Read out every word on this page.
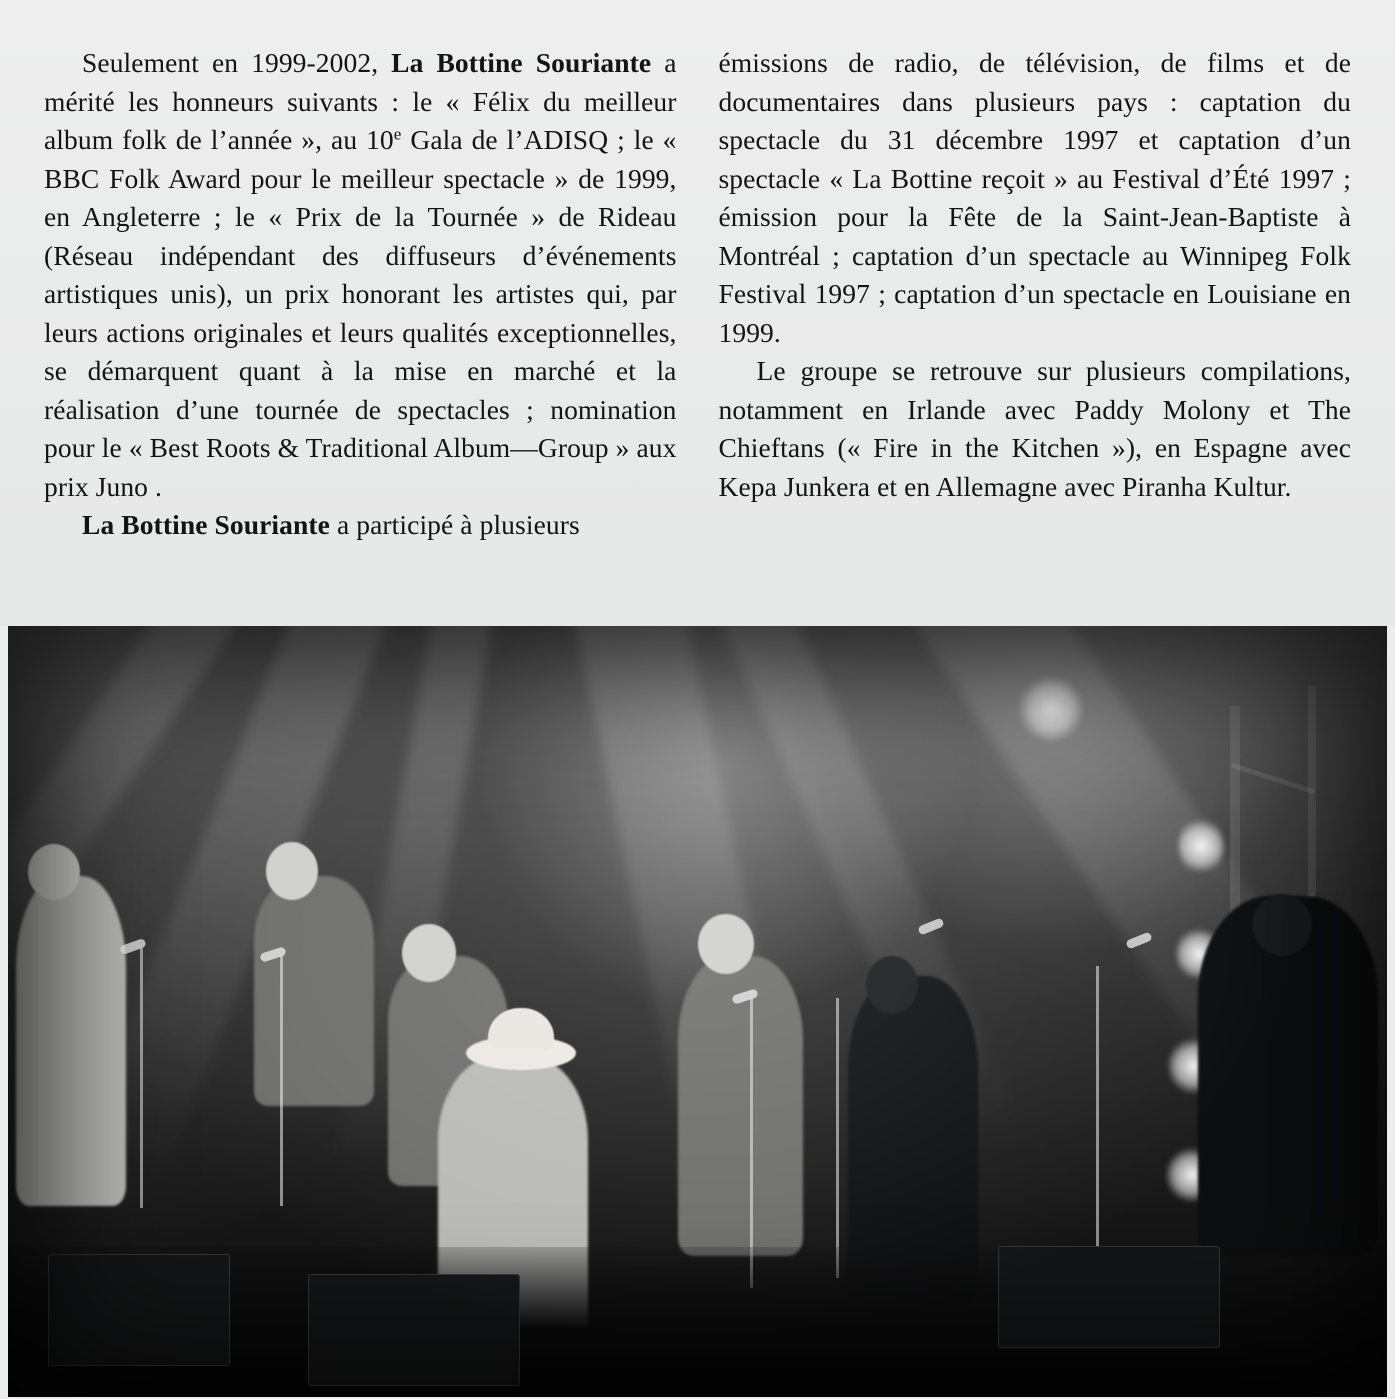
Seulement en 1999-2002, La Bottine Souriante a mérité les honneurs suivants : le « Félix du meilleur album folk de l’année », au 10e Gala de l’ADISQ ; le « BBC Folk Award pour le meilleur spectacle » de 1999, en Angleterre ; le « Prix de la Tournée » de Rideau (Réseau indépendant des diffuseurs d’événements artistiques unis), un prix honorant les artistes qui, par leurs actions originales et leurs qualités exceptionnelles, se démarquent quant à la mise en marché et la réalisation d’une tournée de spectacles ; nomination pour le « Best Roots & Traditional Album—Group » aux prix Juno .

La Bottine Souriante a participé à plusieurs

émissions de radio, de télévision, de films et de documentaires dans plusieurs pays : captation du spectacle du 31 décembre 1997 et captation d’un spectacle « La Bottine reçoit » au Festival d’Été 1997 ; émission pour la Fête de la Saint-Jean-Baptiste à Montréal ; captation d’un spectacle au Winnipeg Folk Festival 1997 ; captation d’un spectacle en Louisiane en 1999.

Le groupe se retrouve sur plusieurs compilations, notamment en Irlande avec Paddy Molony et The Chieftans (« Fire in the Kitchen »), en Espagne avec Kepa Junkera et en Allemagne avec Piranha Kultur.
